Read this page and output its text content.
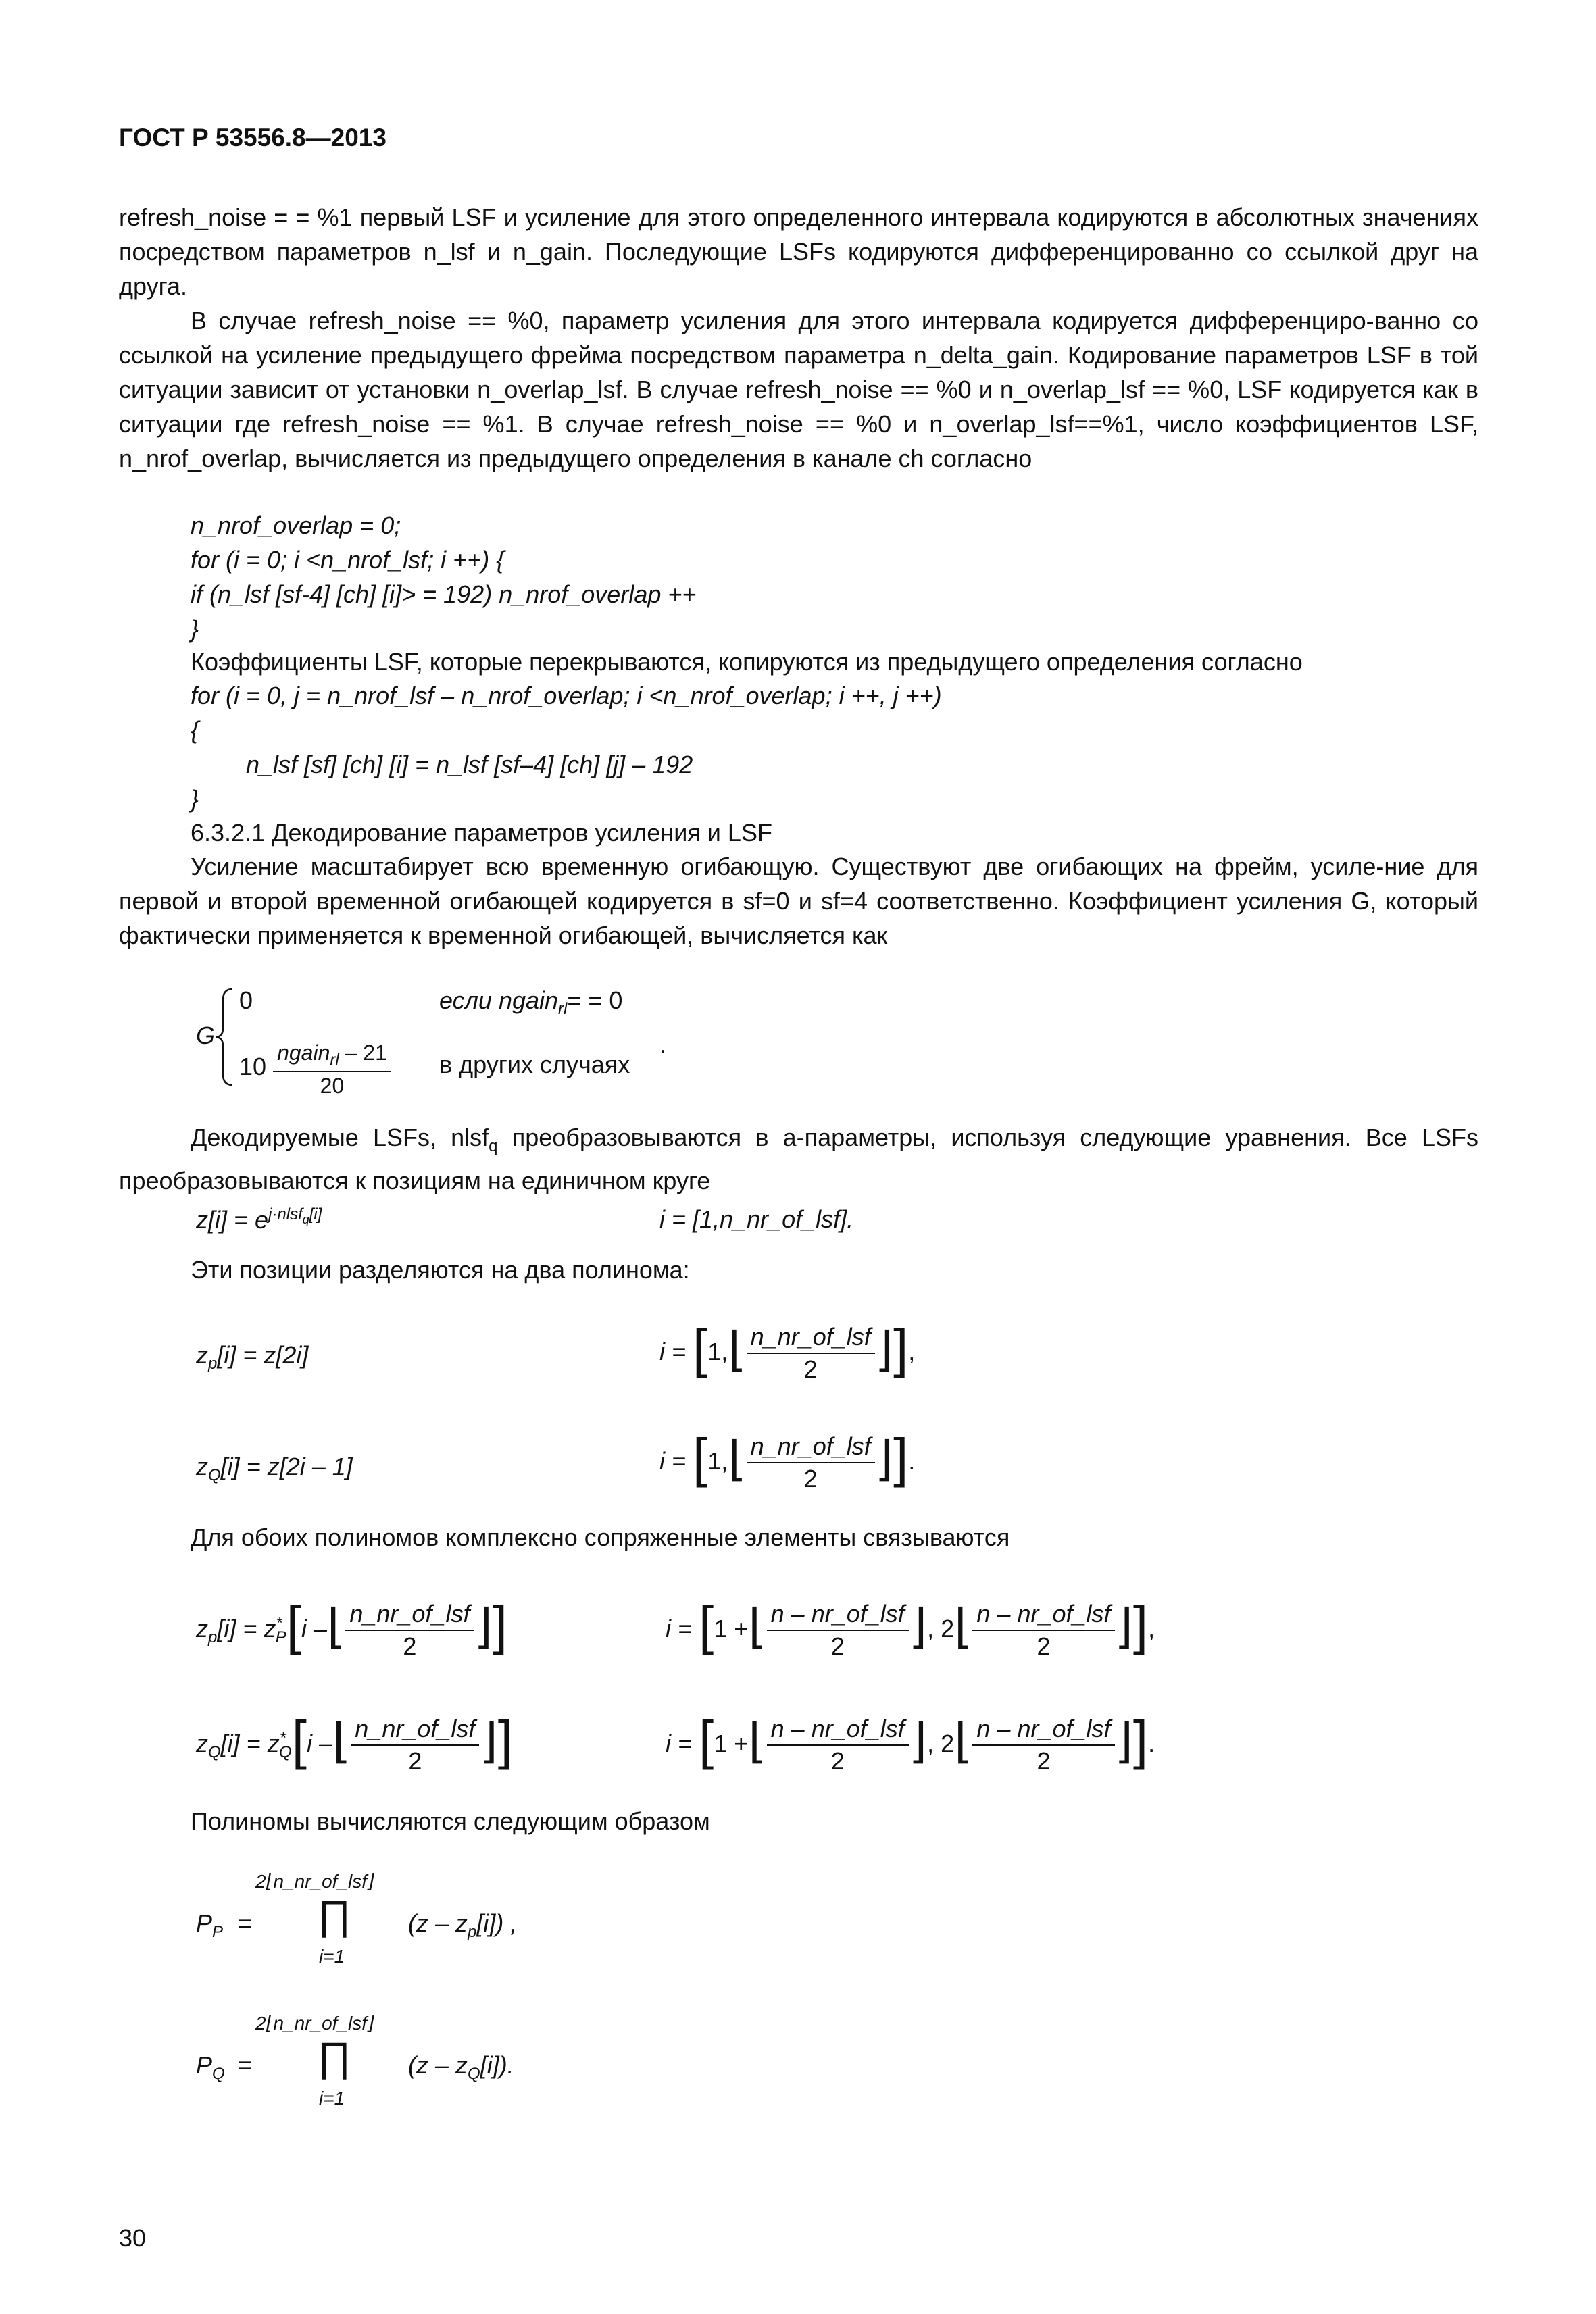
ГОСТ Р 53556.8—2013
refresh_noise = = %1 первый LSF и усиление для этого определенного интервала кодируются в абсолютных значениях посредством параметров n_lsf и n_gain. Последующие LSFs кодируются дифференцированно со ссылкой друг на друга.
В случае refresh_noise == %0, параметр усиления для этого интервала кодируется дифференциро-ванно со ссылкой на усиление предыдущего фрейма посредством параметра n_delta_gain. Кодирование параметров LSF в той ситуации зависит от установки n_overlap_lsf. В случае refresh_noise == %0 и n_overlap_lsf == %0, LSF кодируется как в ситуации где refresh_noise == %1. В случае refresh_noise == %0 и n_overlap_lsf==%1, число коэффициентов LSF, n_nrof_overlap, вычисляется из предыдущего определения в канале ch согласно
n_nrof_overlap = 0;
for (i = 0; i <n_nrof_lsf; i ++) {
if (n_lsf [sf-4] [ch] [i]> = 192) n_nrof_overlap ++
}
Коэффициенты LSF, которые перекрываются, копируются из предыдущего определения согласно
for (i = 0, j = n_nrof_lsf – n_nrof_overlap; i <n_nrof_overlap; i ++, j ++)
{
n_lsf [sf] [ch] [i] = n_lsf [sf–4] [ch] [j] – 192
}
6.3.2.1 Декодирование параметров усиления и LSF
Усиление масштабирует всю временную огибающую. Существуют две огибающих на фрейм, усиле-ние для первой и второй временной огибающей кодируется в sf=0 и sf=4 соответственно. Коэффициент усиления G, который фактически применяется к временной огибающей, вычисляется как
G
0	если ngain$_{rl}$= = 0
$10 \frac{ngain_{rl} - 21}{20}$ в других случаях
.
Декодируемые LSFs, nlsf$_q$ преобразовываются в a-параметры, используя следующие уравнения. Все LSFs преобразовываются к позициям на единичном круге
$z[i] = e^{j\cdot nlsf_q[i]}$	i = [1,n_nr_of_lsf].
Эти позиции разделяются на два полинома:
$z_p[i] = z[2i]$	i = [1,⌊ $\frac{\text{n\_nr\_of\_lsf}}{2}$ ⌋],
$z_Q[i] = z[2i - 1]$	i = [1,⌊ $\frac{\text{n\_nr\_of\_lsf}}{2}$ ⌋].
Для обоих полиномов комплексно сопряженные элементы связываются
$z_p[i] = z^*_P[i$ –⌊ $\frac{\text{n\_nr\_of\_lsf}}{2}$ ⌋]	i = [1 +⌊ $\frac{\text{n – nr\_of\_lsf}}{2}$ ⌋, 2⌊ $\frac{\text{n – nr\_of\_lsf}}{2}$ ⌋],
$z_Q[i] = z^*_Q[i$ –⌊ $\frac{\text{n\_nr\_of\_lsf}}{2}$ ⌋]	i = [1 +⌊ $\frac{\text{n – nr\_of\_lsf}}{2}$ ⌋, 2⌊ $\frac{\text{n – nr\_of\_lsf}}{2}$ ⌋].
Полиномы вычисляются следующим образом
$P_P$ =
2⌊n_nr_of_lsf⌋
∏
i=1
$(z - z_p[i])$ ,
$P_Q$ =
2⌊n_nr_of_lsf⌋
∏
i=1
$(z - z_Q[i])$.
30
